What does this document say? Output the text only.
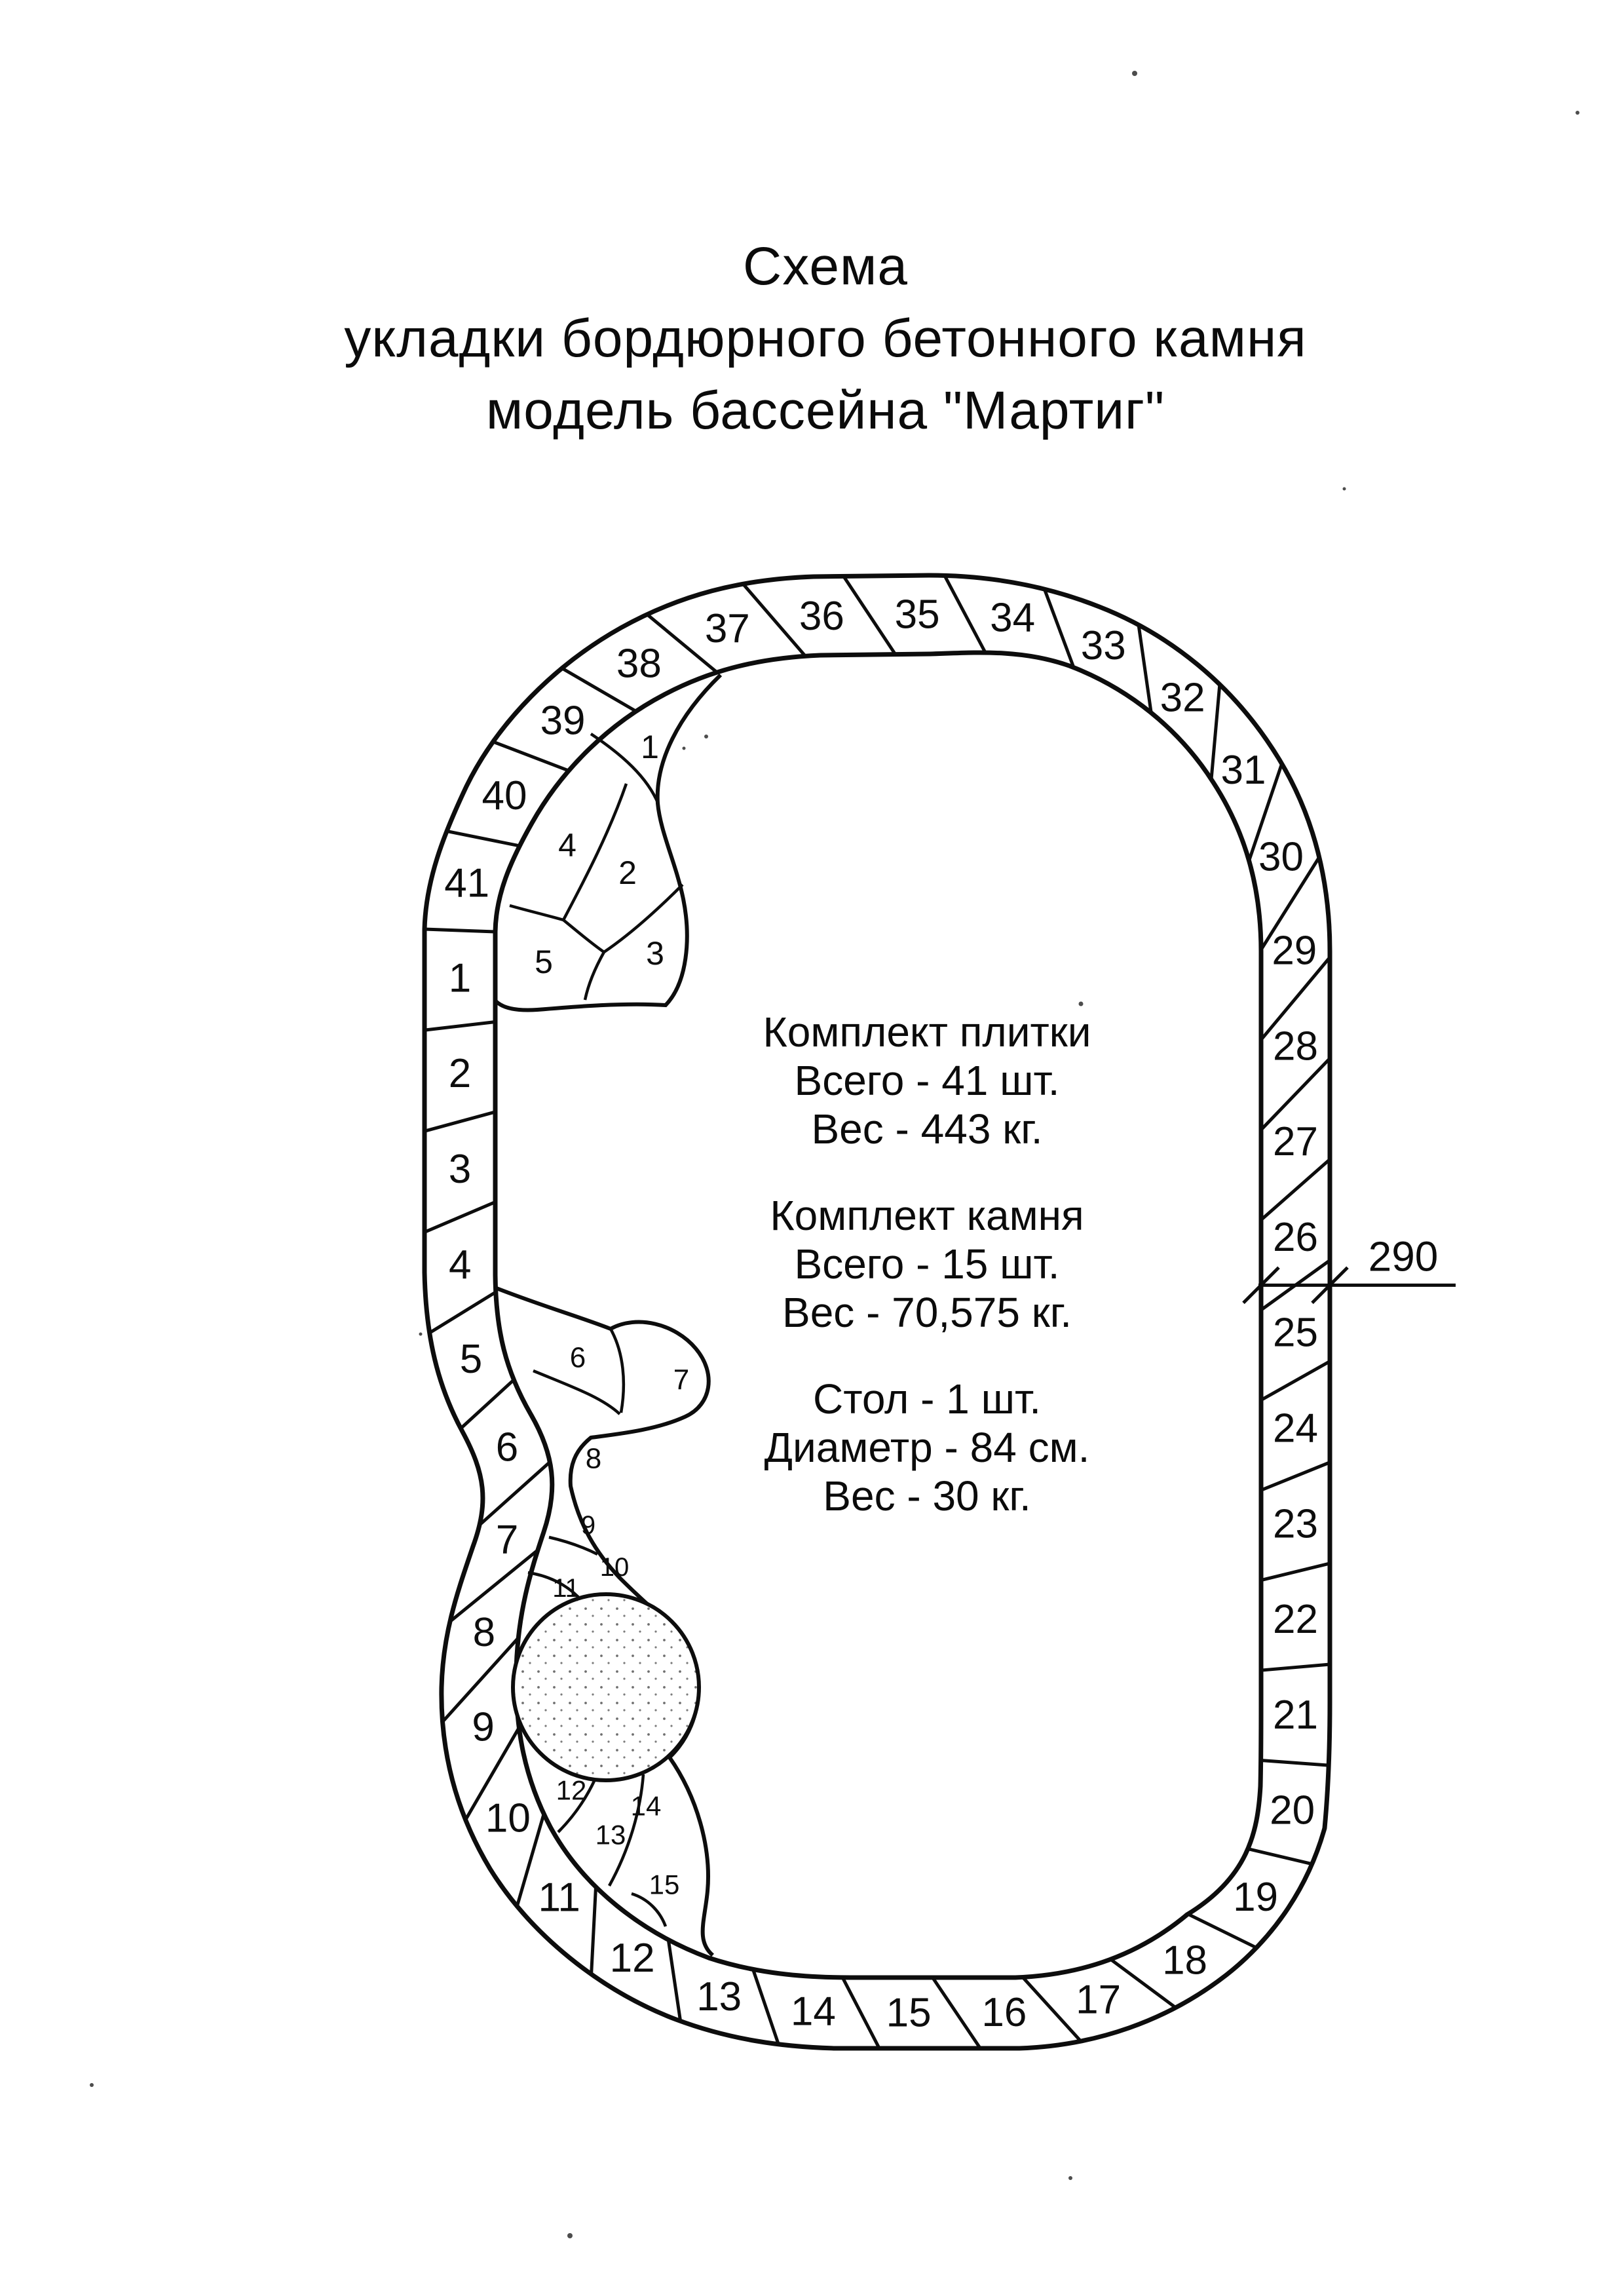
Схема
укладки бордюрного бетонного камня
модель бассейна "Мартиг"
290
1
2
3
4
5
6
7
8
9
10
11
12
13 14 15 16 17
18
19
20
21
22
23
24
25
26
27
28
29
30
31
32
33
34
35
36
37
38
39
40
41
1
2
3
4
5
6
7
8
9
10
11
12
13
14
15

Комплект плитки
Всего - 41 шт.
Вес - 443 кг.

Комплект камня
Всего - 15 шт.
Вес - 70,575 кг.

Стол - 1 шт.
Диаметр - 84 см.
Вес - 30 кг.
